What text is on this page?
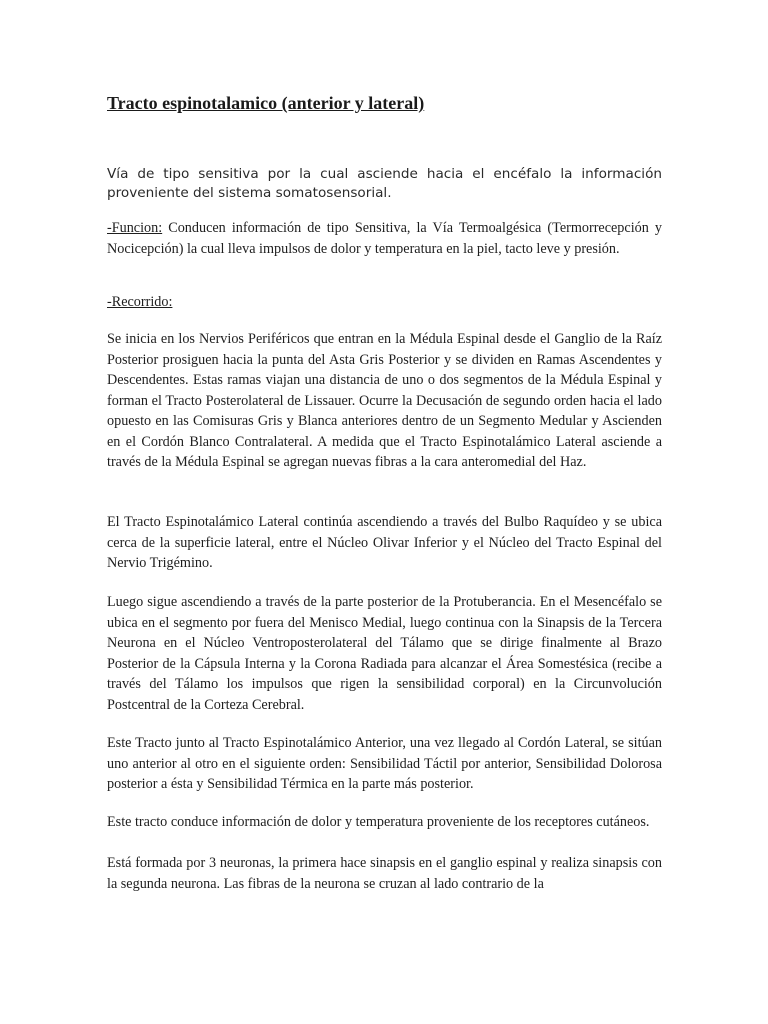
Tracto espinotalamico (anterior y lateral)

Vía de tipo sensitiva por la cual asciende hacia el encéfalo la información proveniente del sistema somatosensorial.

-Funcion: Conducen información de tipo Sensitiva, la Vía Termoalgésica (Termorrecepción y Nocicepción) la cual lleva impulsos de dolor y temperatura en la piel, tacto leve y presión.

-Recorrido:

Se inicia en los Nervios Periféricos que entran en la Médula Espinal desde el Ganglio de la Raíz Posterior prosiguen hacia la punta del Asta Gris Posterior y se dividen en Ramas Ascendentes y Descendentes. Estas ramas viajan una distancia de uno o dos segmentos de la Médula Espinal y forman el Tracto Posterolateral de Lissauer. Ocurre la Decusación de segundo orden hacia el lado opuesto en las Comisuras Gris y Blanca anteriores dentro de un Segmento Medular y Ascienden en el Cordón Blanco Contralateral. A medida que el Tracto Espinotalámico Lateral asciende a través de la Médula Espinal se agregan nuevas fibras a la cara anteromedial del Haz.

El Tracto Espinotalámico Lateral continúa ascendiendo a través del Bulbo Raquídeo y se ubica cerca de la superficie lateral, entre el Núcleo Olivar Inferior y el Núcleo del Tracto Espinal del Nervio Trigémino.

Luego sigue ascendiendo a través de la parte posterior de la Protuberancia. En el Mesencéfalo se ubica en el segmento por fuera del Menisco Medial, luego continua con la Sinapsis de la Tercera Neurona en el Núcleo Ventroposterolateral del Tálamo que se dirige finalmente al Brazo Posterior de la Cápsula Interna y la Corona Radiada para alcanzar el Área Somestésica (recibe a través del Tálamo los impulsos que rigen la sensibilidad corporal) en la Circunvolución Postcentral de la Corteza Cerebral.

Este Tracto junto al Tracto Espinotalámico Anterior, una vez llegado al Cordón Lateral, se sitúan uno anterior al otro en el siguiente orden: Sensibilidad Táctil por anterior, Sensibilidad Dolorosa posterior a ésta y Sensibilidad Térmica en la parte más posterior.

Este tracto conduce información de dolor y temperatura proveniente de los receptores cutáneos.

Está formada por 3 neuronas, la primera hace sinapsis en el ganglio espinal y realiza sinapsis con la segunda neurona. Las fibras de la neurona se cruzan al lado contrario de la
